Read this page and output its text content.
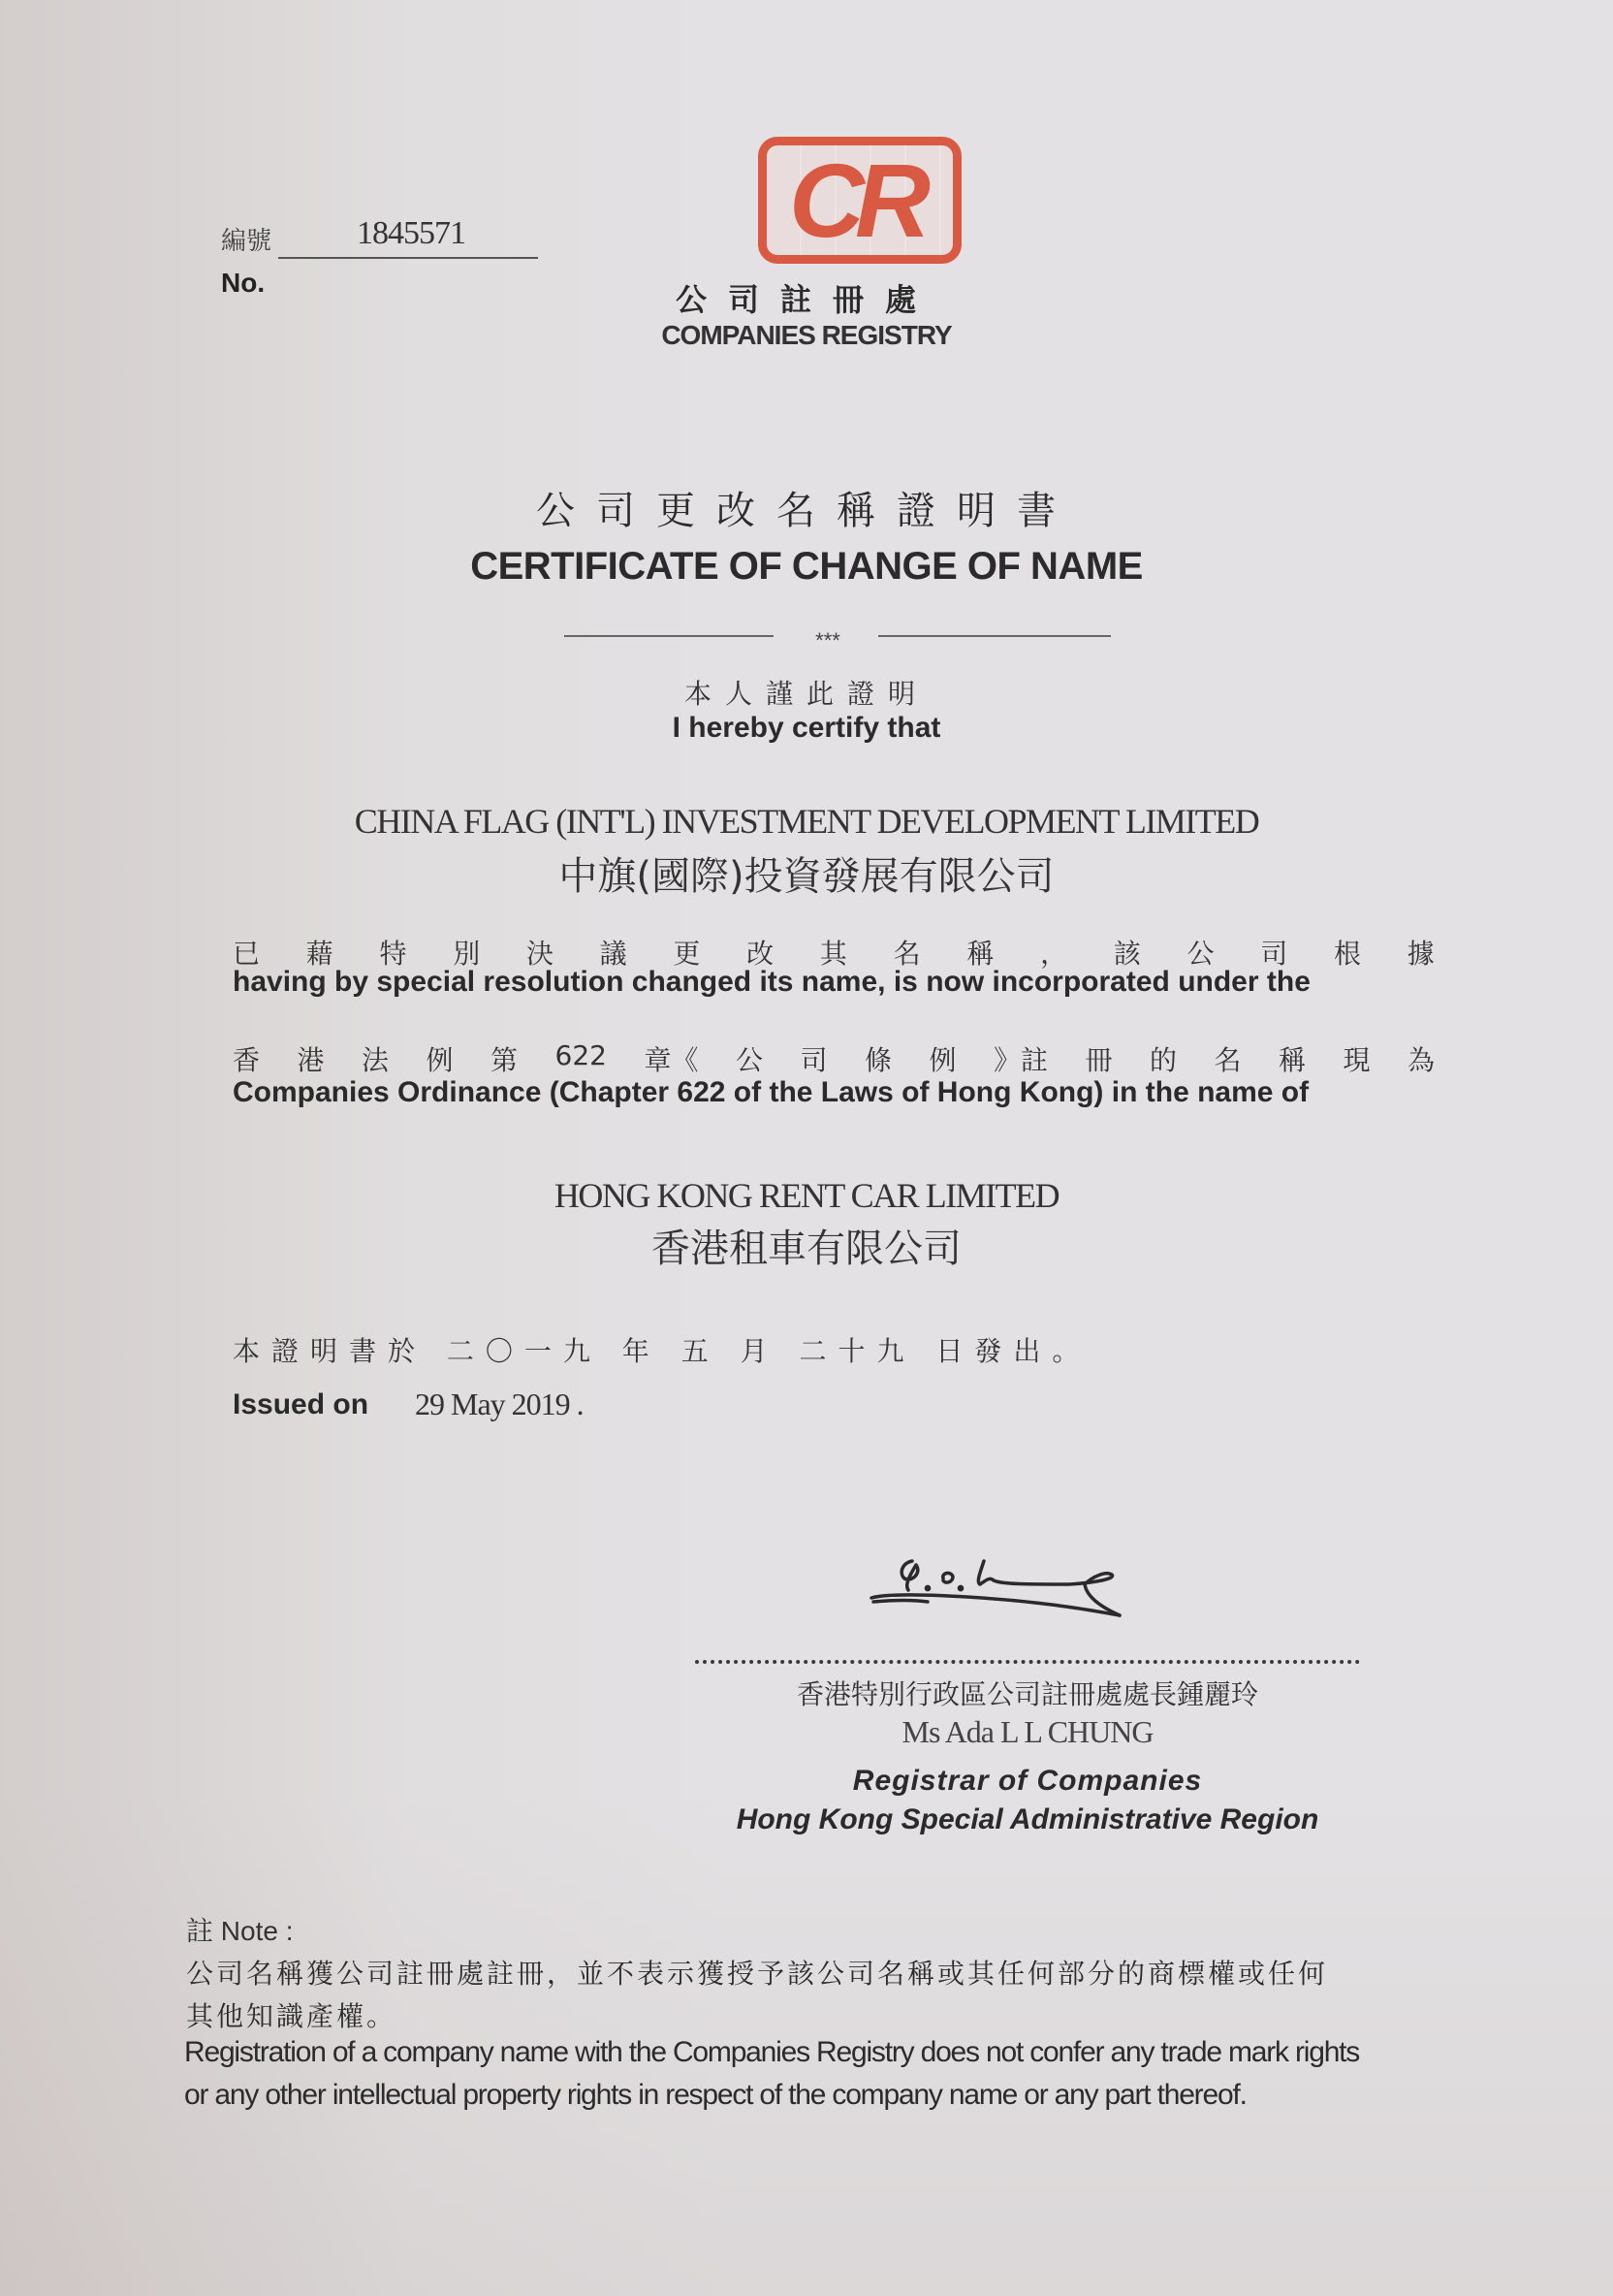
編號	1845571
No.
CR
公司註冊處
COMPANIES REGISTRY
公司更改名稱證明書
CERTIFICATE OF CHANGE OF NAME
***
本人謹此證明
I hereby certify that
CHINA FLAG (INT'L) INVESTMENT DEVELOPMENT LIMITED
中旗(國際)投資發展有限公司
已 藉 特 別 決 議 更 改 其 名 稱 ， 該 公 司 根 據
having by special resolution changed its name, is now incorporated under the
香 港 法 例 第 622 章《 公 司 條 例 》註 冊 的 名 稱 現 為
Companies Ordinance (Chapter 622 of the Laws of Hong Kong) in the name of
HONG KONG RENT CAR LIMITED
香港租車有限公司
本證明書於 二〇一九 年 五 月 二十九 日發出。
Issued on 29 May 2019 .
香港特別行政區公司註冊處處長鍾麗玲
Ms Ada L L CHUNG
Registrar of Companies
Hong Kong Special Administrative Region
註 Note :
公司名稱獲公司註冊處註冊，並不表示獲授予該公司名稱或其任何部分的商標權或任何
其他知識產權。
Registration of a company name with the Companies Registry does not confer any trade mark rights
or any other intellectual property rights in respect of the company name or any part thereof.
